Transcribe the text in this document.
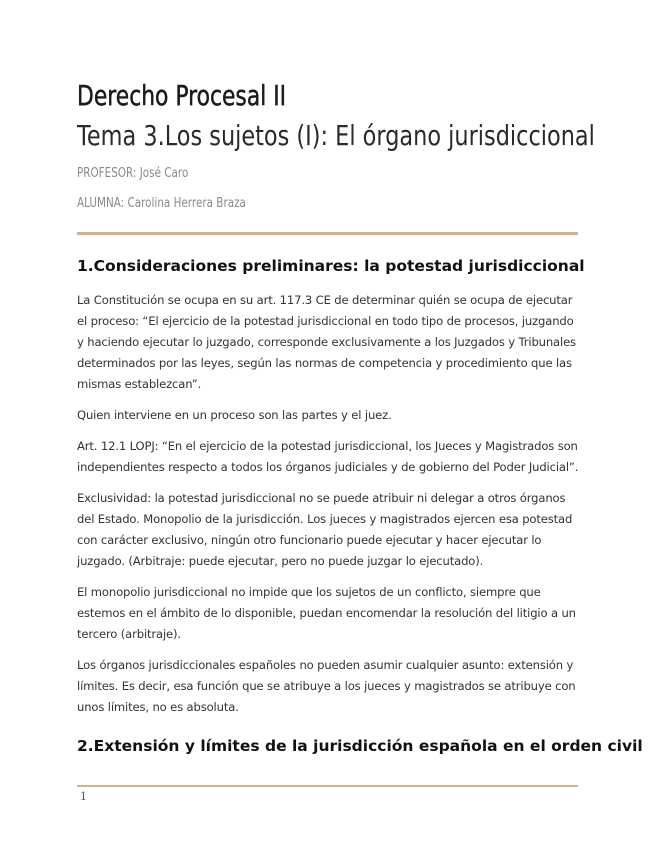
Derecho Procesal II
Tema 3.Los sujetos (I): El órgano jurisdiccional

PROFESOR: José Caro

ALUMNA: Carolina Herrera Braza

1.Consideraciones preliminares: la potestad jurisdiccional

La Constitución se ocupa en su art. 117.3 CE de determinar quién se ocupa de ejecutar el proceso: “El ejercicio de la potestad jurisdiccional en todo tipo de procesos, juzgando y haciendo ejecutar lo juzgado, corresponde exclusivamente a los Juzgados y Tribunales determinados por las leyes, según las normas de competencia y procedimiento que las mismas establezcan”.

Quien interviene en un proceso son las partes y el juez.

Art. 12.1 LOPJ: “En el ejercicio de la potestad jurisdiccional, los Jueces y Magistrados son independientes respecto a todos los órganos judiciales y de gobierno del Poder Judicial”.

Exclusividad: la potestad jurisdiccional no se puede atribuir ni delegar a otros órganos del Estado. Monopolio de la jurisdicción. Los jueces y magistrados ejercen esa potestad con carácter exclusivo, ningún otro funcionario puede ejecutar y hacer ejecutar lo juzgado. (Arbitraje: puede ejecutar, pero no puede juzgar lo ejecutado).

El monopolio jurisdiccional no impide que los sujetos de un conflicto, siempre que estemos en el ámbito de lo disponible, puedan encomendar la resolución del litigio a un tercero (arbitraje).

Los órganos jurisdiccionales españoles no pueden asumir cualquier asunto: extensión y límites. Es decir, esa función que se atribuye a los jueces y magistrados se atribuye con unos límites, no es absoluta.

2.Extensión y límites de la jurisdicción española en el orden civil

1
